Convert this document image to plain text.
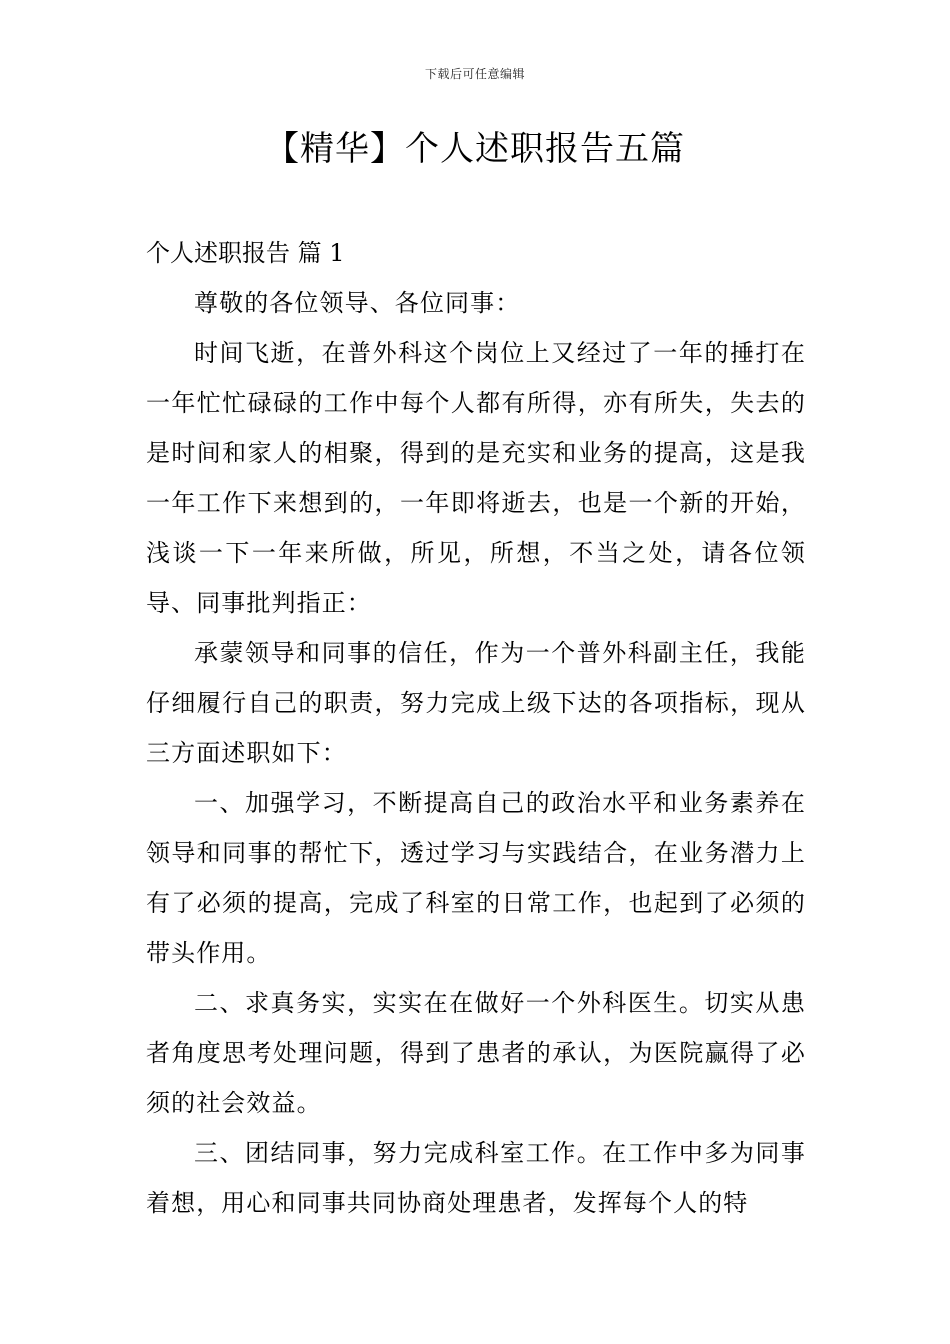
下载后可任意编辑
【精华】个人述职报告五篇

个人述职报告 篇 1

尊敬的各位领导、各位同事：

时间飞逝，在普外科这个岗位上又经过了一年的捶打在一年忙忙碌碌的工作中每个人都有所得，亦有所失，失去的是时间和家人的相聚，得到的是充实和业务的提高，这是我一年工作下来想到的，一年即将逝去，也是一个新的开始，浅谈一下一年来所做，所见，所想，不当之处，请各位领导、同事批判指正：

承蒙领导和同事的信任，作为一个普外科副主任，我能仔细履行自己的职责，努力完成上级下达的各项指标，现从三方面述职如下：

一、加强学习，不断提高自己的政治水平和业务素养在领导和同事的帮忙下，透过学习与实践结合，在业务潜力上有了必须的提高，完成了科室的日常工作，也起到了必须的带头作用。

二、求真务实，实实在在做好一个外科医生。切实从患者角度思考处理问题，得到了患者的承认，为医院赢得了必须的社会效益。

三、团结同事，努力完成科室工作。在工作中多为同事着想，用心和同事共同协商处理患者，发挥每个人的特
